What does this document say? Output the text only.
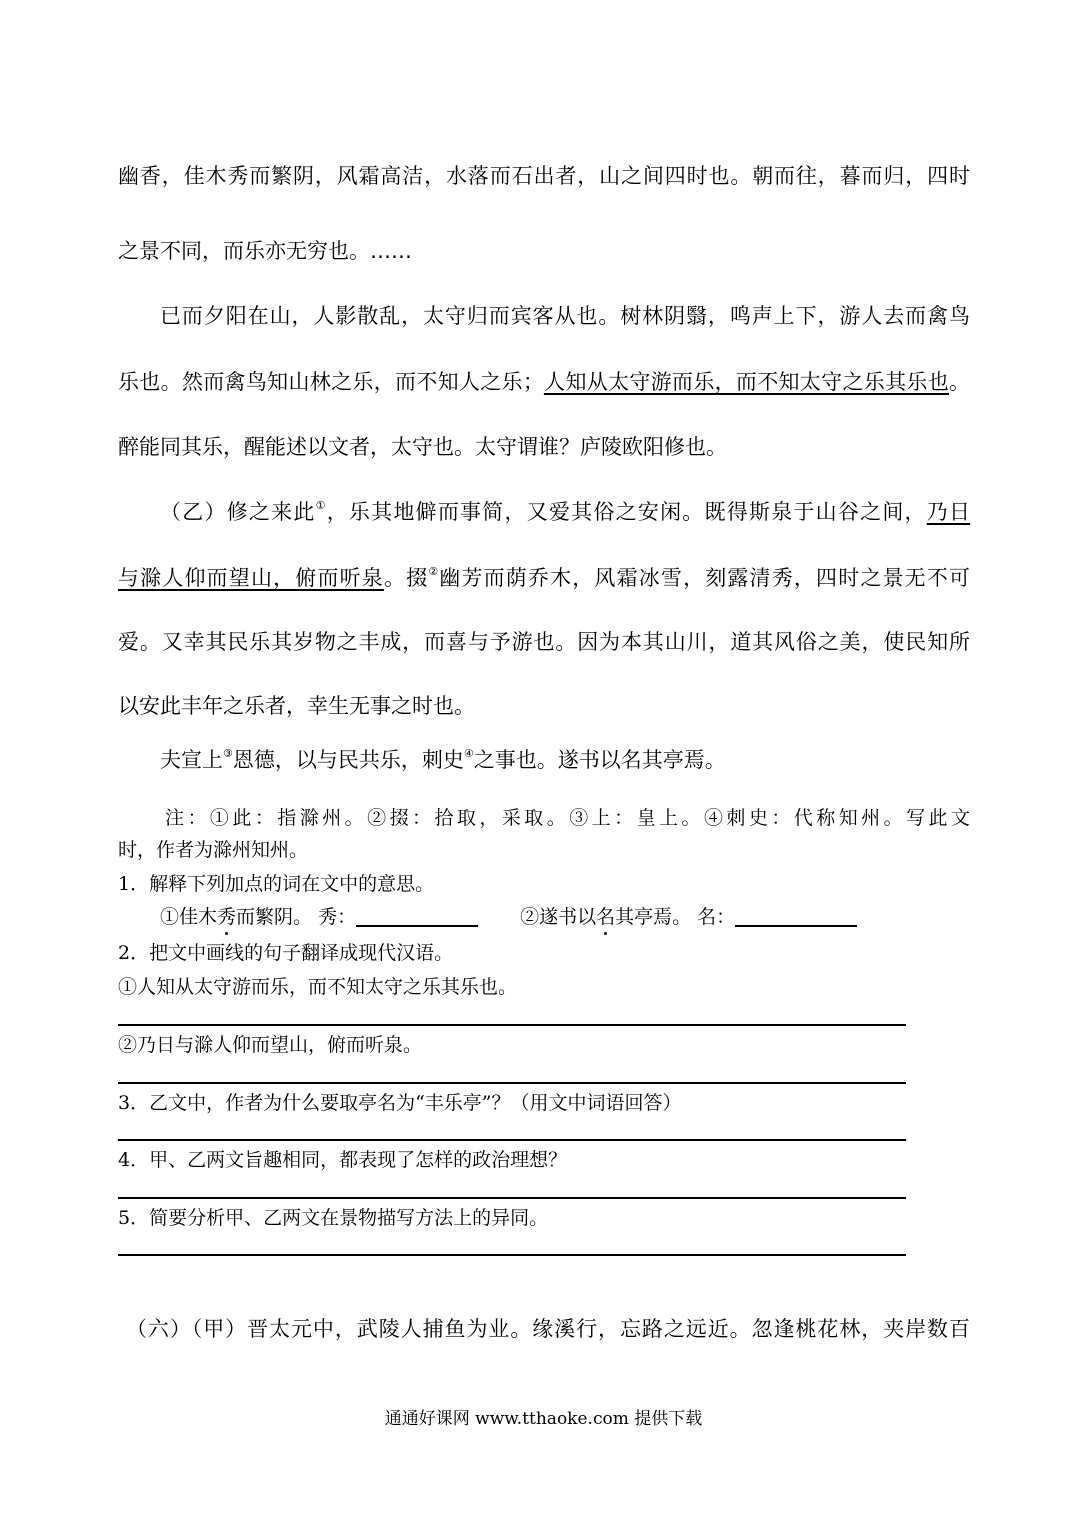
幽香，佳木秀而繁阴，风霜高洁，水落而石出者，山之间四时也。朝而往，暮而归，四时
之景不同，而乐亦无穷也。……
已而夕阳在山，人影散乱，太守归而宾客从也。树林阴翳，鸣声上下，游人去而禽鸟
乐也。然而禽鸟知山林之乐，而不知人之乐；人知从太守游而乐，而不知太守之乐其乐也。
醉能同其乐，醒能述以文者，太守也。太守谓谁？庐陵欧阳修也。
（乙）修之来此①，乐其地僻而事简，又爱其俗之安闲。既得斯泉于山谷之间，乃日
与滁人仰而望山，俯而听泉。掇②幽芳而荫乔木，风霜冰雪，刻露清秀，四时之景无不可
爱。又幸其民乐其岁物之丰成，而喜与予游也。因为本其山川，道其风俗之美，使民知所
以安此丰年之乐者，幸生无事之时也。
夫宣上③恩德，以与民共乐，刺史④之事也。遂书以名其亭焉。
注：①此：指滁州。②掇：拾取，采取。③上：皇上。④刺史：代称知州。写此文
时，作者为滁州知州。
1．解释下列加点的词在文中的意思。
①佳木秀而繁阴。 秀：	②遂书以名其亭焉。 名：
2．把文中画线的句子翻译成现代汉语。
①人知从太守游而乐，而不知太守之乐其乐也。
②乃日与滁人仰而望山，俯而听泉。
3．乙文中，作者为什么要取亭名为“丰乐亭”？（用文中词语回答）
4．甲、乙两文旨趣相同，都表现了怎样的政治理想？
5．简要分析甲、乙两文在景物描写方法上的异同。
（六）（甲）晋太元中，武陵人捕鱼为业。缘溪行，忘路之远近。忽逢桃花林，夹岸数百
通通好课网 www.tthaoke.com 提供下载
